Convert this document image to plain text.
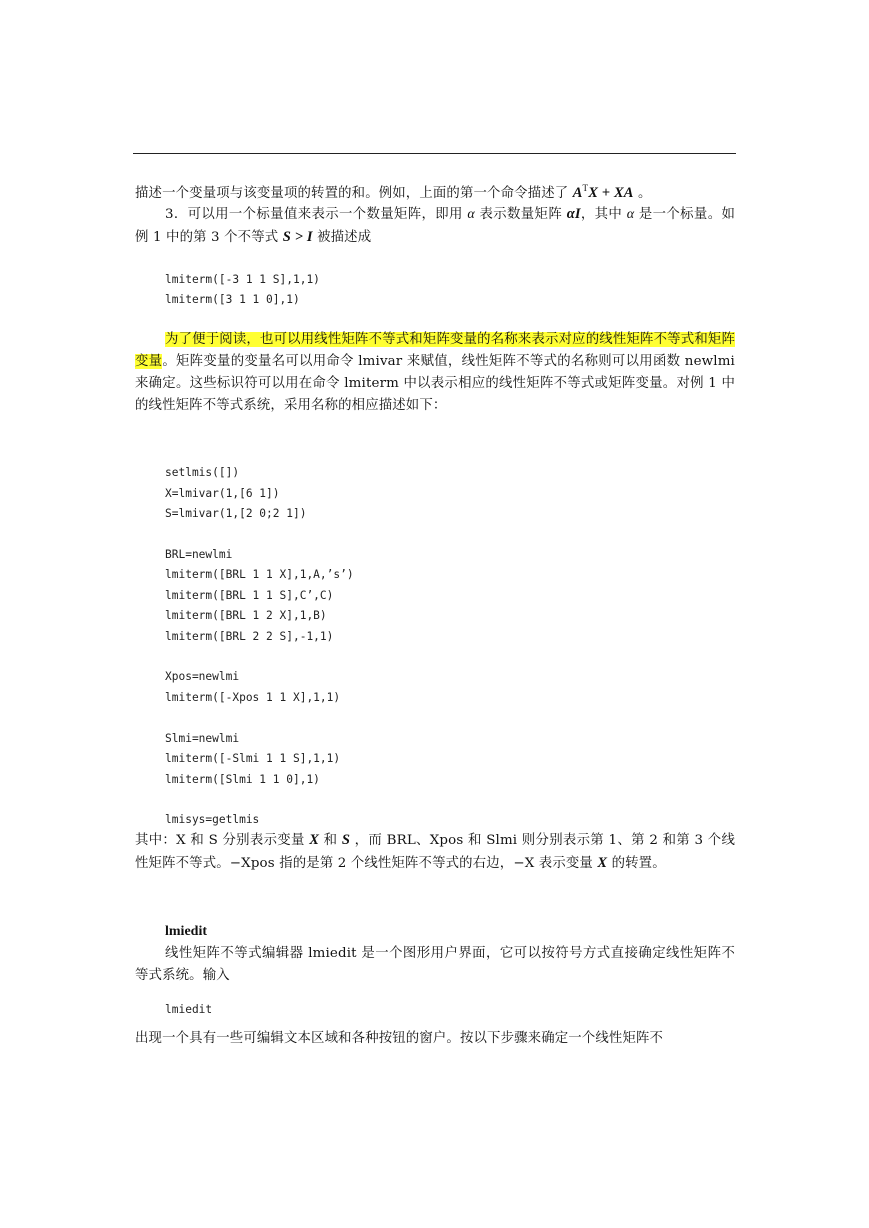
描述一个变量项与该变量项的转置的和。例如，上面的第一个命令描述了 $A^TX$ + XA 。
3．可以用一个标量值来表示一个数量矩阵，即用 α 表示数量矩阵 αI，其中 α 是一个标量。如例 1 中的第 3 个不等式 S > I 被描述成
lmiterm([-3 1 1 S],1,1)
lmiterm([3 1 1 0],1)
为了便于阅读，也可以用线性矩阵不等式和矩阵变量的名称来表示对应的线性矩阵不等式和矩阵变量。矩阵变量的变量名可以用命令 lmivar 来赋值，线性矩阵不等式的名称则可以用函数 newlmi 来确定。这些标识符可以用在命令 lmiterm 中以表示相应的线性矩阵不等式或矩阵变量。对例 1 中的线性矩阵不等式系统，采用名称的相应描述如下：

setlmis([])
X=lmivar(1,[6 1])
S=lmivar(1,[2 0;2 1])

BRL=newlmi
lmiterm([BRL 1 1 X],1,A,’s’)
lmiterm([BRL 1 1 S],C’,C)
lmiterm([BRL 1 2 X],1,B)
lmiterm([BRL 2 2 S],-1,1)

Xpos=newlmi
lmiterm([-Xpos 1 1 X],1,1)

Slmi=newlmi
lmiterm([-Slmi 1 1 S],1,1)
lmiterm([Slmi 1 1 0],1)

lmisys=getlmis

其中：X 和 S 分别表示变量 X 和 S ，而 BRL、Xpos 和 Slmi 则分别表示第 1、第 2 和第 3 个线性矩阵不等式。−Xpos 指的是第 2 个线性矩阵不等式的右边，−X 表示变量 X 的转置。
lmiedit
线性矩阵不等式编辑器 lmiedit 是一个图形用户界面，它可以按符号方式直接确定线性矩阵不等式系统。输入
lmiedit
出现一个具有一些可编辑文本区域和各种按钮的窗户。按以下步骤来确定一个线性矩阵不
